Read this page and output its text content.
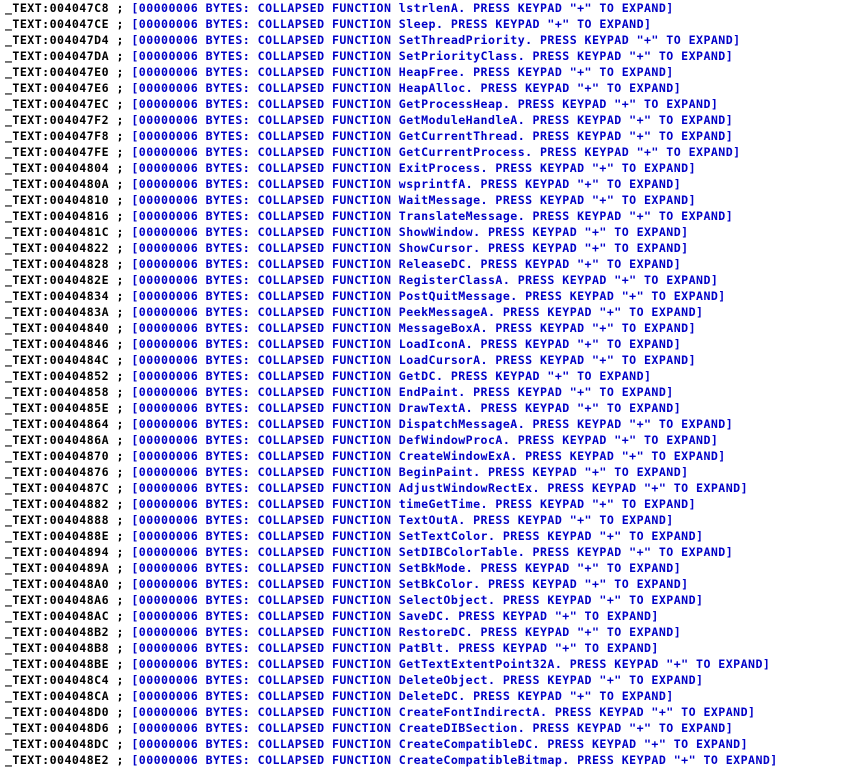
_TEXT:004047C8 ; [00000006 BYTES: COLLAPSED FUNCTION lstrlenA. PRESS KEYPAD "+" TO EXPAND]
_TEXT:004047CE ; [00000006 BYTES: COLLAPSED FUNCTION Sleep. PRESS KEYPAD "+" TO EXPAND]
_TEXT:004047D4 ; [00000006 BYTES: COLLAPSED FUNCTION SetThreadPriority. PRESS KEYPAD "+" TO EXPAND]
_TEXT:004047DA ; [00000006 BYTES: COLLAPSED FUNCTION SetPriorityClass. PRESS KEYPAD "+" TO EXPAND]
_TEXT:004047E0 ; [00000006 BYTES: COLLAPSED FUNCTION HeapFree. PRESS KEYPAD "+" TO EXPAND]
_TEXT:004047E6 ; [00000006 BYTES: COLLAPSED FUNCTION HeapAlloc. PRESS KEYPAD "+" TO EXPAND]
_TEXT:004047EC ; [00000006 BYTES: COLLAPSED FUNCTION GetProcessHeap. PRESS KEYPAD "+" TO EXPAND]
_TEXT:004047F2 ; [00000006 BYTES: COLLAPSED FUNCTION GetModuleHandleA. PRESS KEYPAD "+" TO EXPAND]
_TEXT:004047F8 ; [00000006 BYTES: COLLAPSED FUNCTION GetCurrentThread. PRESS KEYPAD "+" TO EXPAND]
_TEXT:004047FE ; [00000006 BYTES: COLLAPSED FUNCTION GetCurrentProcess. PRESS KEYPAD "+" TO EXPAND]
_TEXT:00404804 ; [00000006 BYTES: COLLAPSED FUNCTION ExitProcess. PRESS KEYPAD "+" TO EXPAND]
_TEXT:0040480A ; [00000006 BYTES: COLLAPSED FUNCTION wsprintfA. PRESS KEYPAD "+" TO EXPAND]
_TEXT:00404810 ; [00000006 BYTES: COLLAPSED FUNCTION WaitMessage. PRESS KEYPAD "+" TO EXPAND]
_TEXT:00404816 ; [00000006 BYTES: COLLAPSED FUNCTION TranslateMessage. PRESS KEYPAD "+" TO EXPAND]
_TEXT:0040481C ; [00000006 BYTES: COLLAPSED FUNCTION ShowWindow. PRESS KEYPAD "+" TO EXPAND]
_TEXT:00404822 ; [00000006 BYTES: COLLAPSED FUNCTION ShowCursor. PRESS KEYPAD "+" TO EXPAND]
_TEXT:00404828 ; [00000006 BYTES: COLLAPSED FUNCTION ReleaseDC. PRESS KEYPAD "+" TO EXPAND]
_TEXT:0040482E ; [00000006 BYTES: COLLAPSED FUNCTION RegisterClassA. PRESS KEYPAD "+" TO EXPAND]
_TEXT:00404834 ; [00000006 BYTES: COLLAPSED FUNCTION PostQuitMessage. PRESS KEYPAD "+" TO EXPAND]
_TEXT:0040483A ; [00000006 BYTES: COLLAPSED FUNCTION PeekMessageA. PRESS KEYPAD "+" TO EXPAND]
_TEXT:00404840 ; [00000006 BYTES: COLLAPSED FUNCTION MessageBoxA. PRESS KEYPAD "+" TO EXPAND]
_TEXT:00404846 ; [00000006 BYTES: COLLAPSED FUNCTION LoadIconA. PRESS KEYPAD "+" TO EXPAND]
_TEXT:0040484C ; [00000006 BYTES: COLLAPSED FUNCTION LoadCursorA. PRESS KEYPAD "+" TO EXPAND]
_TEXT:00404852 ; [00000006 BYTES: COLLAPSED FUNCTION GetDC. PRESS KEYPAD "+" TO EXPAND]
_TEXT:00404858 ; [00000006 BYTES: COLLAPSED FUNCTION EndPaint. PRESS KEYPAD "+" TO EXPAND]
_TEXT:0040485E ; [00000006 BYTES: COLLAPSED FUNCTION DrawTextA. PRESS KEYPAD "+" TO EXPAND]
_TEXT:00404864 ; [00000006 BYTES: COLLAPSED FUNCTION DispatchMessageA. PRESS KEYPAD "+" TO EXPAND]
_TEXT:0040486A ; [00000006 BYTES: COLLAPSED FUNCTION DefWindowProcA. PRESS KEYPAD "+" TO EXPAND]
_TEXT:00404870 ; [00000006 BYTES: COLLAPSED FUNCTION CreateWindowExA. PRESS KEYPAD "+" TO EXPAND]
_TEXT:00404876 ; [00000006 BYTES: COLLAPSED FUNCTION BeginPaint. PRESS KEYPAD "+" TO EXPAND]
_TEXT:0040487C ; [00000006 BYTES: COLLAPSED FUNCTION AdjustWindowRectEx. PRESS KEYPAD "+" TO EXPAND]
_TEXT:00404882 ; [00000006 BYTES: COLLAPSED FUNCTION timeGetTime. PRESS KEYPAD "+" TO EXPAND]
_TEXT:00404888 ; [00000006 BYTES: COLLAPSED FUNCTION TextOutA. PRESS KEYPAD "+" TO EXPAND]
_TEXT:0040488E ; [00000006 BYTES: COLLAPSED FUNCTION SetTextColor. PRESS KEYPAD "+" TO EXPAND]
_TEXT:00404894 ; [00000006 BYTES: COLLAPSED FUNCTION SetDIBColorTable. PRESS KEYPAD "+" TO EXPAND]
_TEXT:0040489A ; [00000006 BYTES: COLLAPSED FUNCTION SetBkMode. PRESS KEYPAD "+" TO EXPAND]
_TEXT:004048A0 ; [00000006 BYTES: COLLAPSED FUNCTION SetBkColor. PRESS KEYPAD "+" TO EXPAND]
_TEXT:004048A6 ; [00000006 BYTES: COLLAPSED FUNCTION SelectObject. PRESS KEYPAD "+" TO EXPAND]
_TEXT:004048AC ; [00000006 BYTES: COLLAPSED FUNCTION SaveDC. PRESS KEYPAD "+" TO EXPAND]
_TEXT:004048B2 ; [00000006 BYTES: COLLAPSED FUNCTION RestoreDC. PRESS KEYPAD "+" TO EXPAND]
_TEXT:004048B8 ; [00000006 BYTES: COLLAPSED FUNCTION PatBlt. PRESS KEYPAD "+" TO EXPAND]
_TEXT:004048BE ; [00000006 BYTES: COLLAPSED FUNCTION GetTextExtentPoint32A. PRESS KEYPAD "+" TO EXPAND]
_TEXT:004048C4 ; [00000006 BYTES: COLLAPSED FUNCTION DeleteObject. PRESS KEYPAD "+" TO EXPAND]
_TEXT:004048CA ; [00000006 BYTES: COLLAPSED FUNCTION DeleteDC. PRESS KEYPAD "+" TO EXPAND]
_TEXT:004048D0 ; [00000006 BYTES: COLLAPSED FUNCTION CreateFontIndirectA. PRESS KEYPAD "+" TO EXPAND]
_TEXT:004048D6 ; [00000006 BYTES: COLLAPSED FUNCTION CreateDIBSection. PRESS KEYPAD "+" TO EXPAND]
_TEXT:004048DC ; [00000006 BYTES: COLLAPSED FUNCTION CreateCompatibleDC. PRESS KEYPAD "+" TO EXPAND]
_TEXT:004048E2 ; [00000006 BYTES: COLLAPSED FUNCTION CreateCompatibleBitmap. PRESS KEYPAD "+" TO EXPAND]
